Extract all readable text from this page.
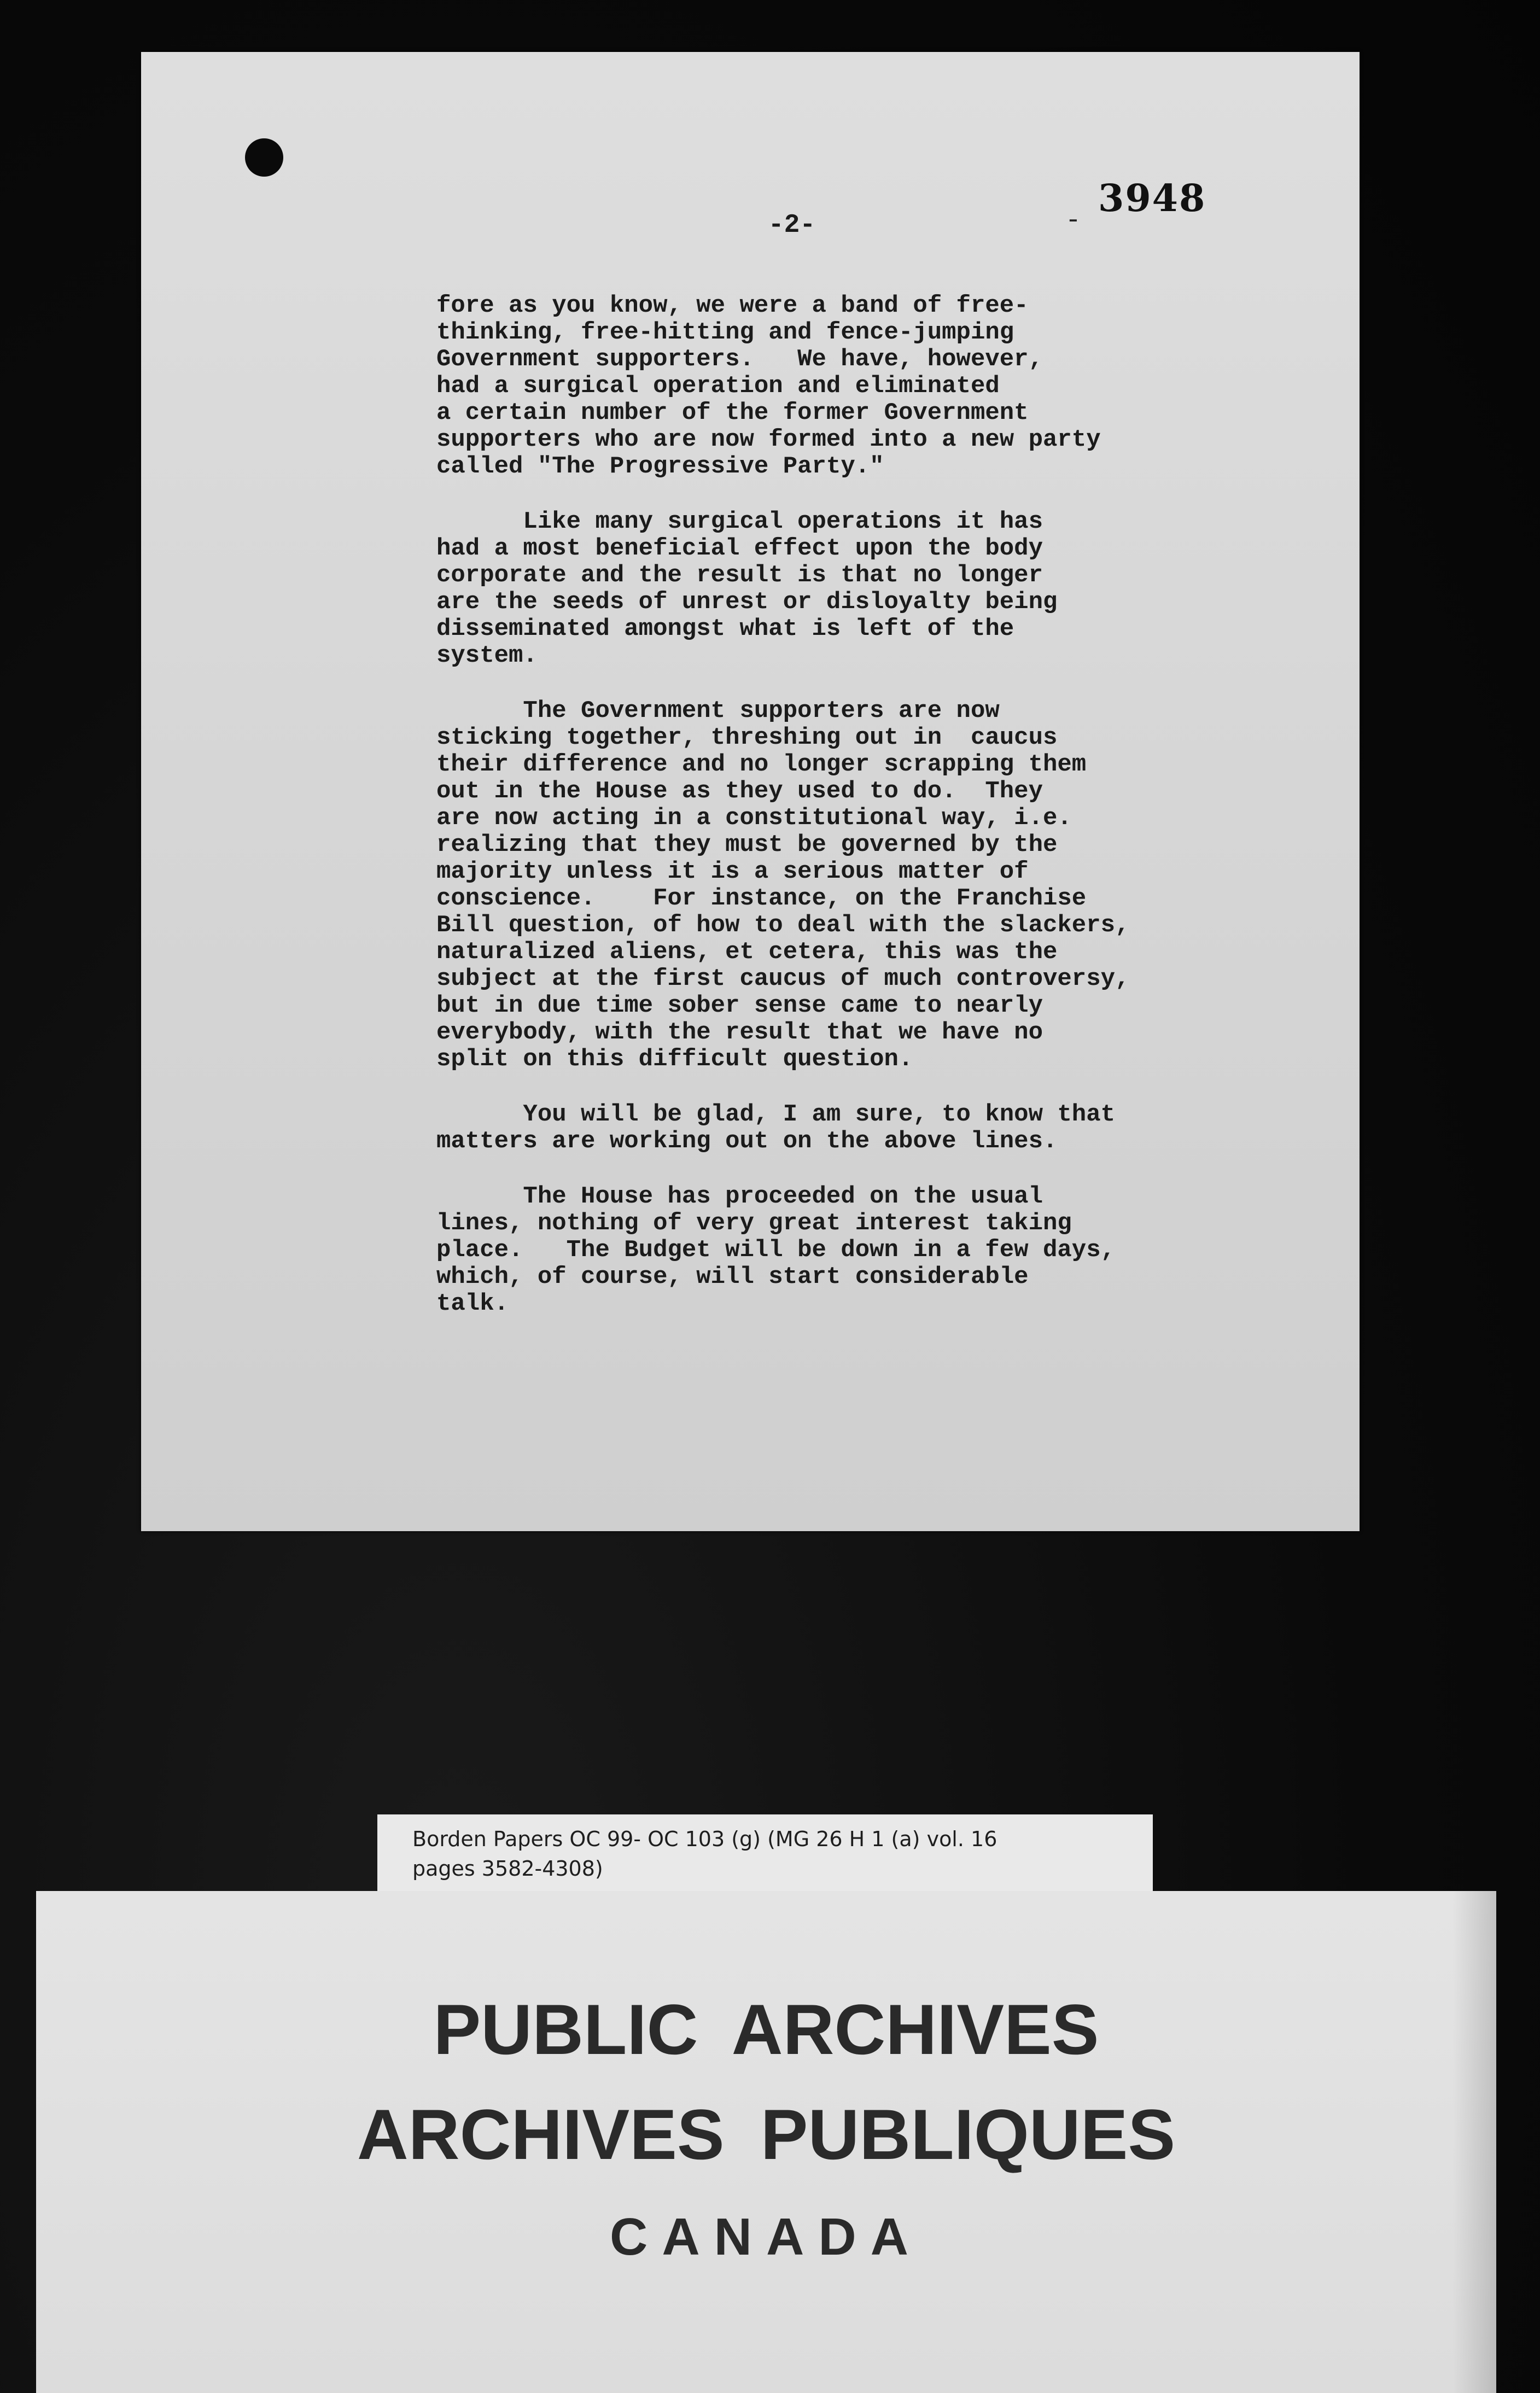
-2-	-
3948

fore as you know, we were a band of free-
thinking, free-hitting and fence-jumping
Government supporters.   We have, however,
had a surgical operation and eliminated
a certain number of the former Government
supporters who are now formed into a new party
called "The Progressive Party."

Like many surgical operations it has
had a most beneficial effect upon the body
corporate and the result is that no longer
are the seeds of unrest or disloyalty being
disseminated amongst what is left of the
system.

The Government supporters are now
sticking together, threshing out in  caucus
their difference and no longer scrapping them
out in the House as they used to do.  They
are now acting in a constitutional way, i.e.
realizing that they must be governed by the
majority unless it is a serious matter of
conscience.    For instance, on the Franchise
Bill question, of how to deal with the slackers,
naturalized aliens, et cetera, this was the
subject at the first caucus of much controversy,
but in due time sober sense came to nearly
everybody, with the result that we have no
split on this difficult question.

You will be glad, I am sure, to know that
matters are working out on the above lines.

The House has proceeded on the usual
lines, nothing of very great interest taking
place.   The Budget will be down in a few days,
which, of course, will start considerable
talk.

Borden Papers OC 99- OC 103 (g) (MG 26 H 1 (a) vol. 16
pages 3582-4308)
PUBLIC ARCHIVES
ARCHIVES PUBLIQUES
CANADA
